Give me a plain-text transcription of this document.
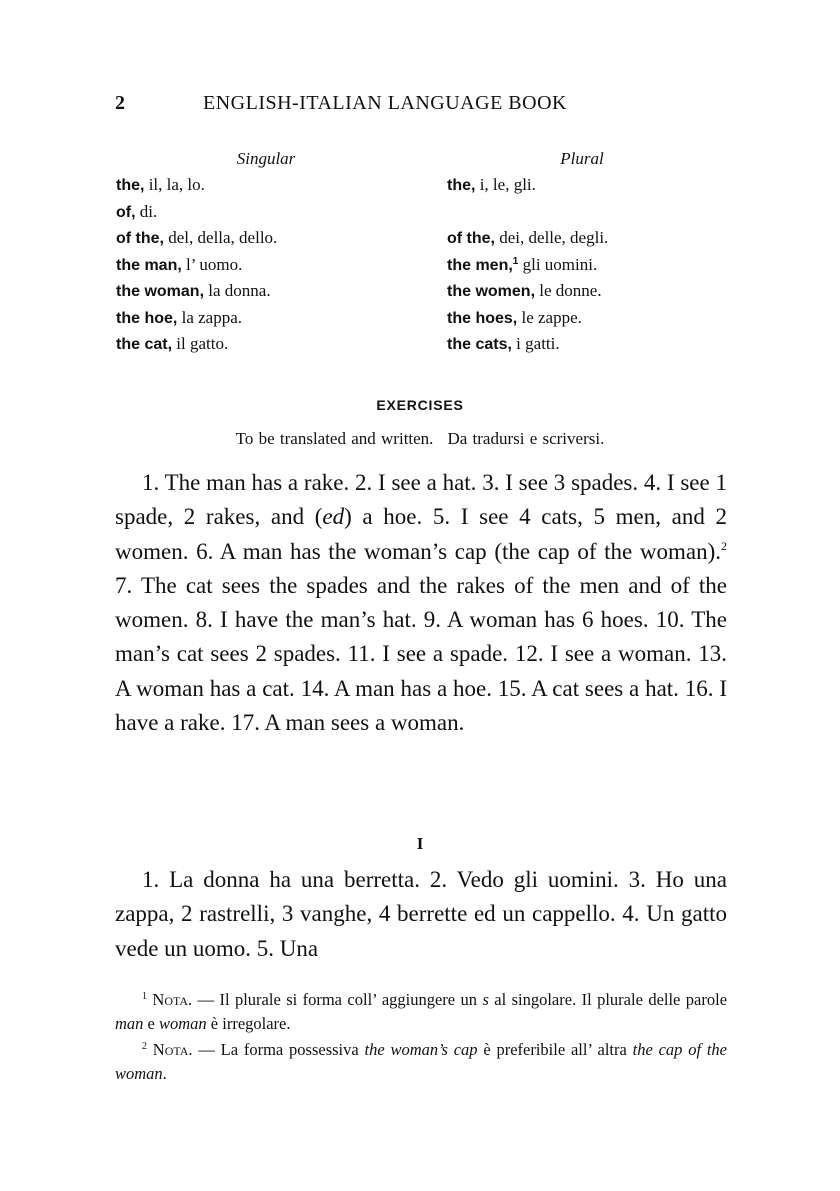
2	ENGLISH-ITALIAN LANGUAGE BOOK
Singular
the, il, la, lo.
of, di.
of the, del, della, dello.
the man, l’ uomo.
the woman, la donna.
the hoe, la zappa.
the cat, il gatto.
Plural
the, i, le, gli.
of the, dei, delle, degli.
the men,$^1$ gli uomini.
the women, le donne.
the hoes, le zappe.
the cats, i gatti.
EXERCISES
To be translated and written. Da tradursi e scriversi.
1. The man has a rake. 2. I see a hat. 3. I see 3 spades. 4. I see 1 spade, 2 rakes, and (ed) a hoe. 5. I see 4 cats, 5 men, and 2 women. 6. A man has the woman’s cap (the cap of the woman).$^2$ 7. The cat sees the spades and the rakes of the men and of the women. 8. I have the man’s hat. 9. A woman has 6 hoes. 10. The man’s cat sees 2 spades. 11. I see a spade. 12. I see a woman. 13. A woman has a cat. 14. A man has a hoe. 15. A cat sees a hat. 16. I have a rake. 17. A man sees a woman.
I
1. La donna ha una berretta. 2. Vedo gli uomini. 3. Ho una zappa, 2 rastrelli, 3 vanghe, 4 berrette ed un cappello. 4. Un gatto vede un uomo. 5. Una
$^1$ Nota. — Il plurale si forma coll’ aggiungere un s al singolare. Il plurale delle parole man e woman è irregolare.
$^2$ Nota. — La forma possessiva the woman’s cap è preferibile all’ altra the cap of the woman.
